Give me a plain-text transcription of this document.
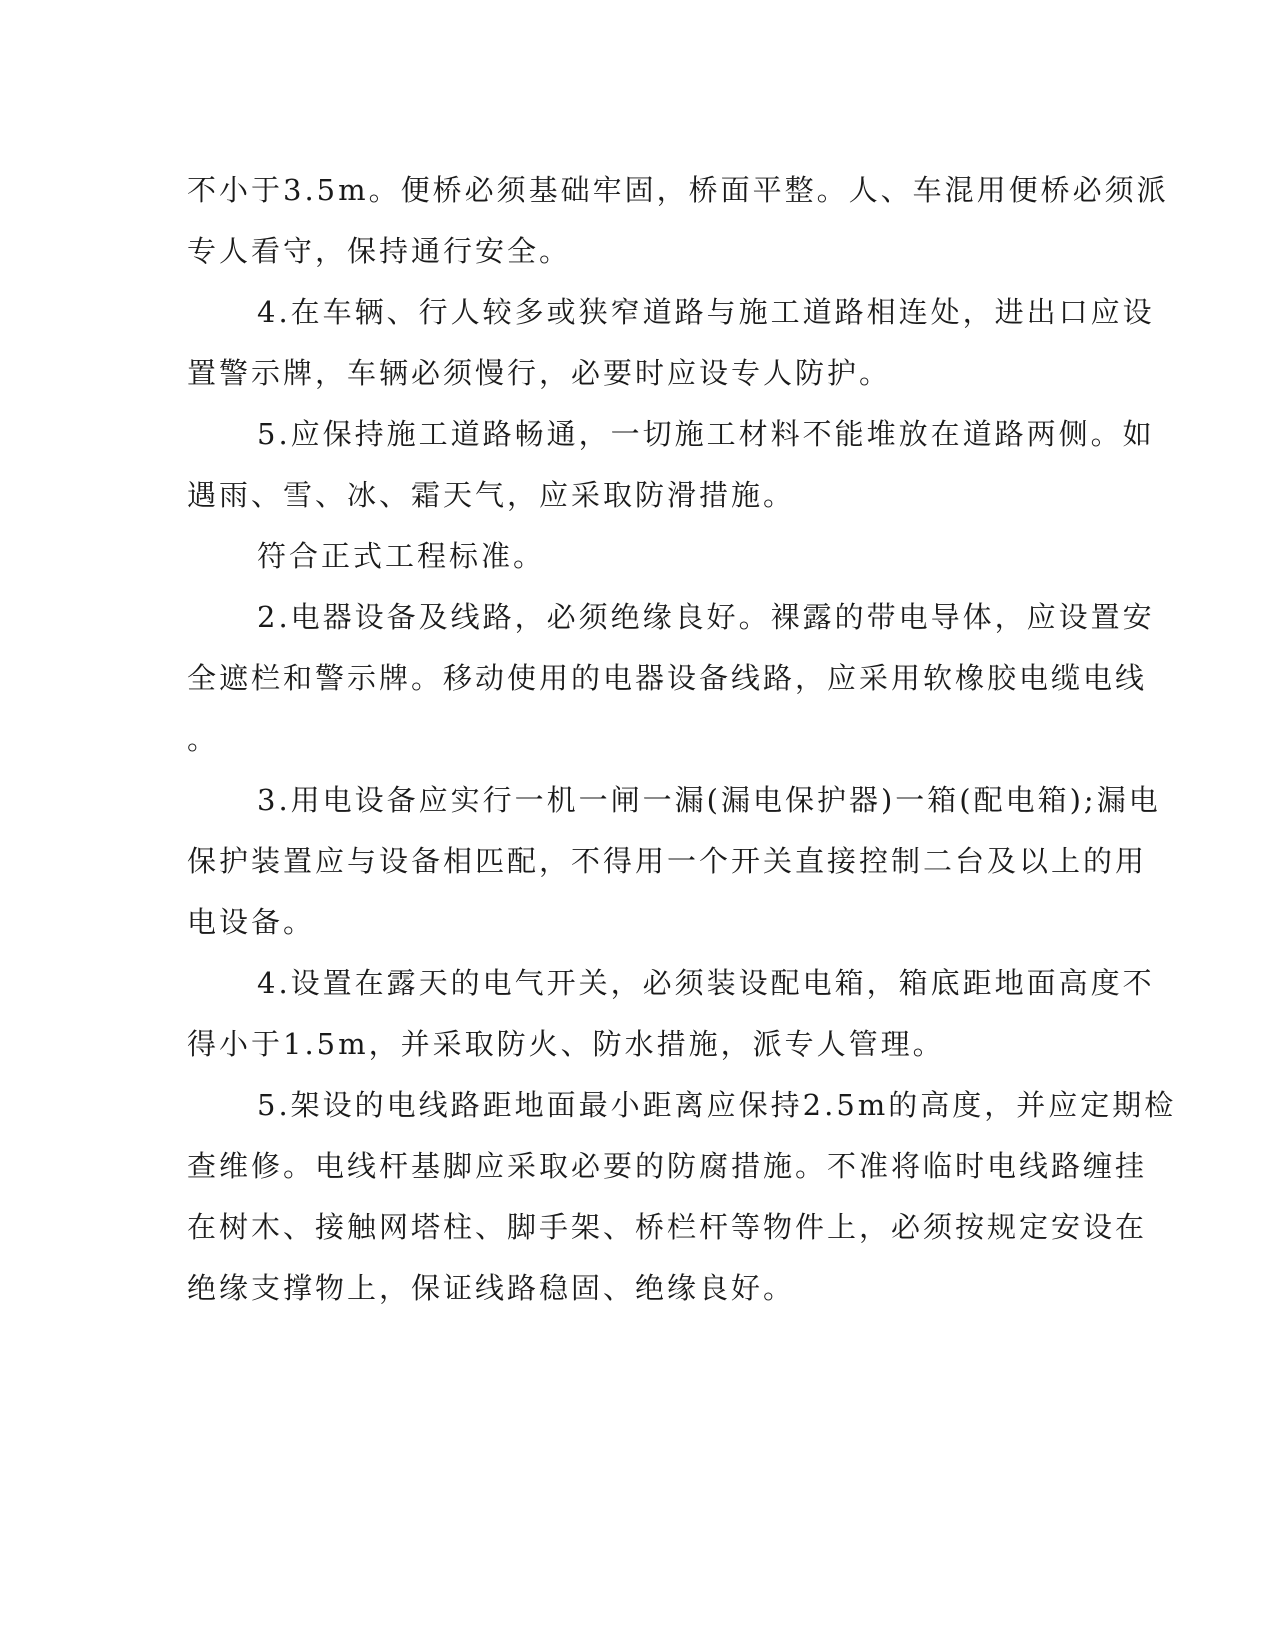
不小于3.5m。便桥必须基础牢固，桥面平整。人、车混用便桥必须派
专人看守，保持通行安全。
4.在车辆、行人较多或狭窄道路与施工道路相连处，进出口应设
置警示牌，车辆必须慢行，必要时应设专人防护。
5.应保持施工道路畅通，一切施工材料不能堆放在道路两侧。如
遇雨、雪、冰、霜天气，应采取防滑措施。
符合正式工程标准。
2.电器设备及线路，必须绝缘良好。裸露的带电导体，应设置安
全遮栏和警示牌。移动使用的电器设备线路，应采用软橡胶电缆电线
。
3.用电设备应实行一机一闸一漏(漏电保护器)一箱(配电箱);漏电
保护装置应与设备相匹配，不得用一个开关直接控制二台及以上的用
电设备。
4.设置在露天的电气开关，必须装设配电箱，箱底距地面高度不
得小于1.5m，并采取防火、防水措施，派专人管理。
5.架设的电线路距地面最小距离应保持2.5m的高度，并应定期检
查维修。电线杆基脚应采取必要的防腐措施。不准将临时电线路缠挂
在树木、接触网塔柱、脚手架、桥栏杆等物件上，必须按规定安设在
绝缘支撑物上，保证线路稳固、绝缘良好。
